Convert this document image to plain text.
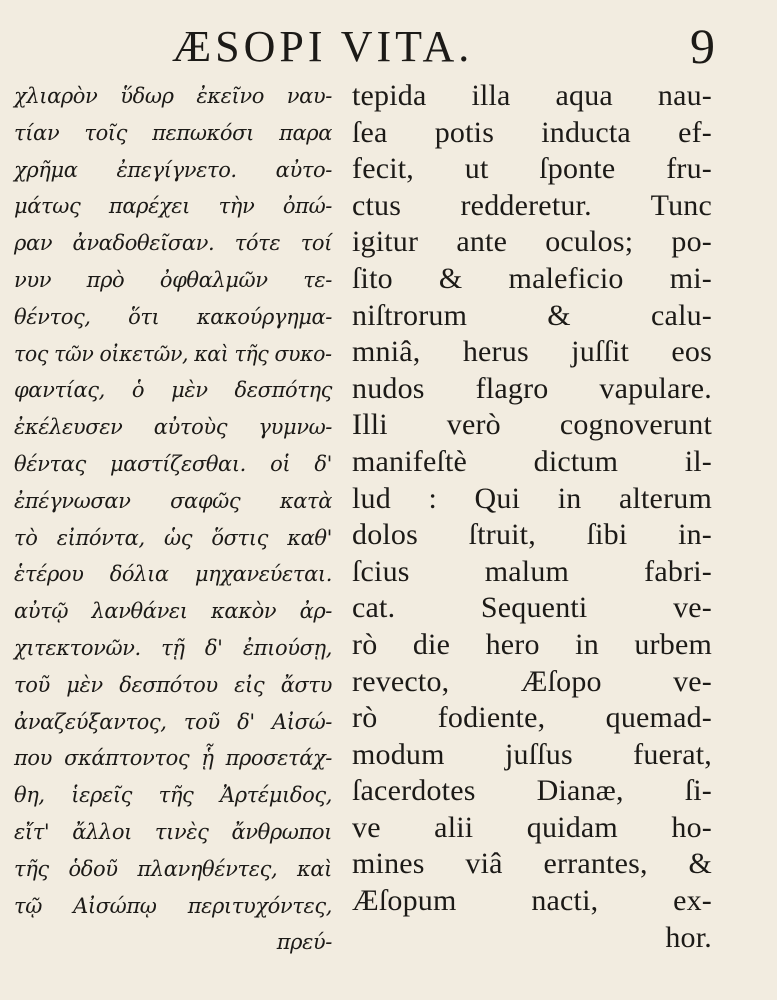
ÆSOPI VITA.	9
χλιαρὸν ὕδωρ ἐκεῖνο ναυ-
τίαν τοῖς πεπωκόσι παρα
χρῆμα ἐπεγίγνετο. αὐτο-
μάτως παρέχει τὴν ὀπώ-
ραν ἀναδοθεῖσαν. τότε τοί
νυν πρὸ ὀφθαλμῶν τε-
θέντος, ὅτι κακούργημα-
τος τῶν οἰκετῶν, καὶ τῆς συκο-
φαντίας, ὁ μὲν δεσπότης
ἐκέλευσεν αὐτοὺς γυμνω-
θέντας μαστίζεσθαι. οἱ δ'
ἐπέγνωσαν σαφῶς κατὰ
τὸ εἰπόντα, ὡς ὅστις καθ'
ἑτέρου δόλια μηχανεύεται.
αὐτῷ λανθάνει κακὸν ἀρ-
χιτεκτονῶν. τῇ δ' ἐπιούσῃ,
τοῦ μὲν δεσπότου εἰς ἄστυ
ἀναζεύξαντος, τοῦ δ' Αἰσώ-
που σκάπτοντος ᾗ προσετάχ-
θη, ἱερεῖς τῆς Ἀρτέμιδος,
εἴτ' ἄλλοι τινὲς ἄνθρωποι
τῆς ὁδοῦ πλανηθέντες, καὶ
τῷ Αἰσώπῳ περιτυχόντες,
πρεύ-
tepida illa aqua nau-
ſea potis inducta ef-
fecit, ut ſponte fru-
ctus redderetur. Tunc
igitur ante oculos; po-
ſito & maleficio mi-
niſtrorum & calu-
mniâ, herus juſſit eos
nudos flagro vapulare.
Illi verò cognoverunt
manifeſtè dictum il-
lud : Qui in alterum
dolos ſtruit, ſibi in-
ſcius malum fabri-
cat. Sequenti ve-
rò die hero in urbem
revecto, Æſopo ve-
rò fodiente, quemad-
modum juſſus fuerat,
ſacerdotes Dianæ, ſi-
ve alii quidam ho-
mines viâ errantes, &
Æſopum nacti, ex-
hor.
